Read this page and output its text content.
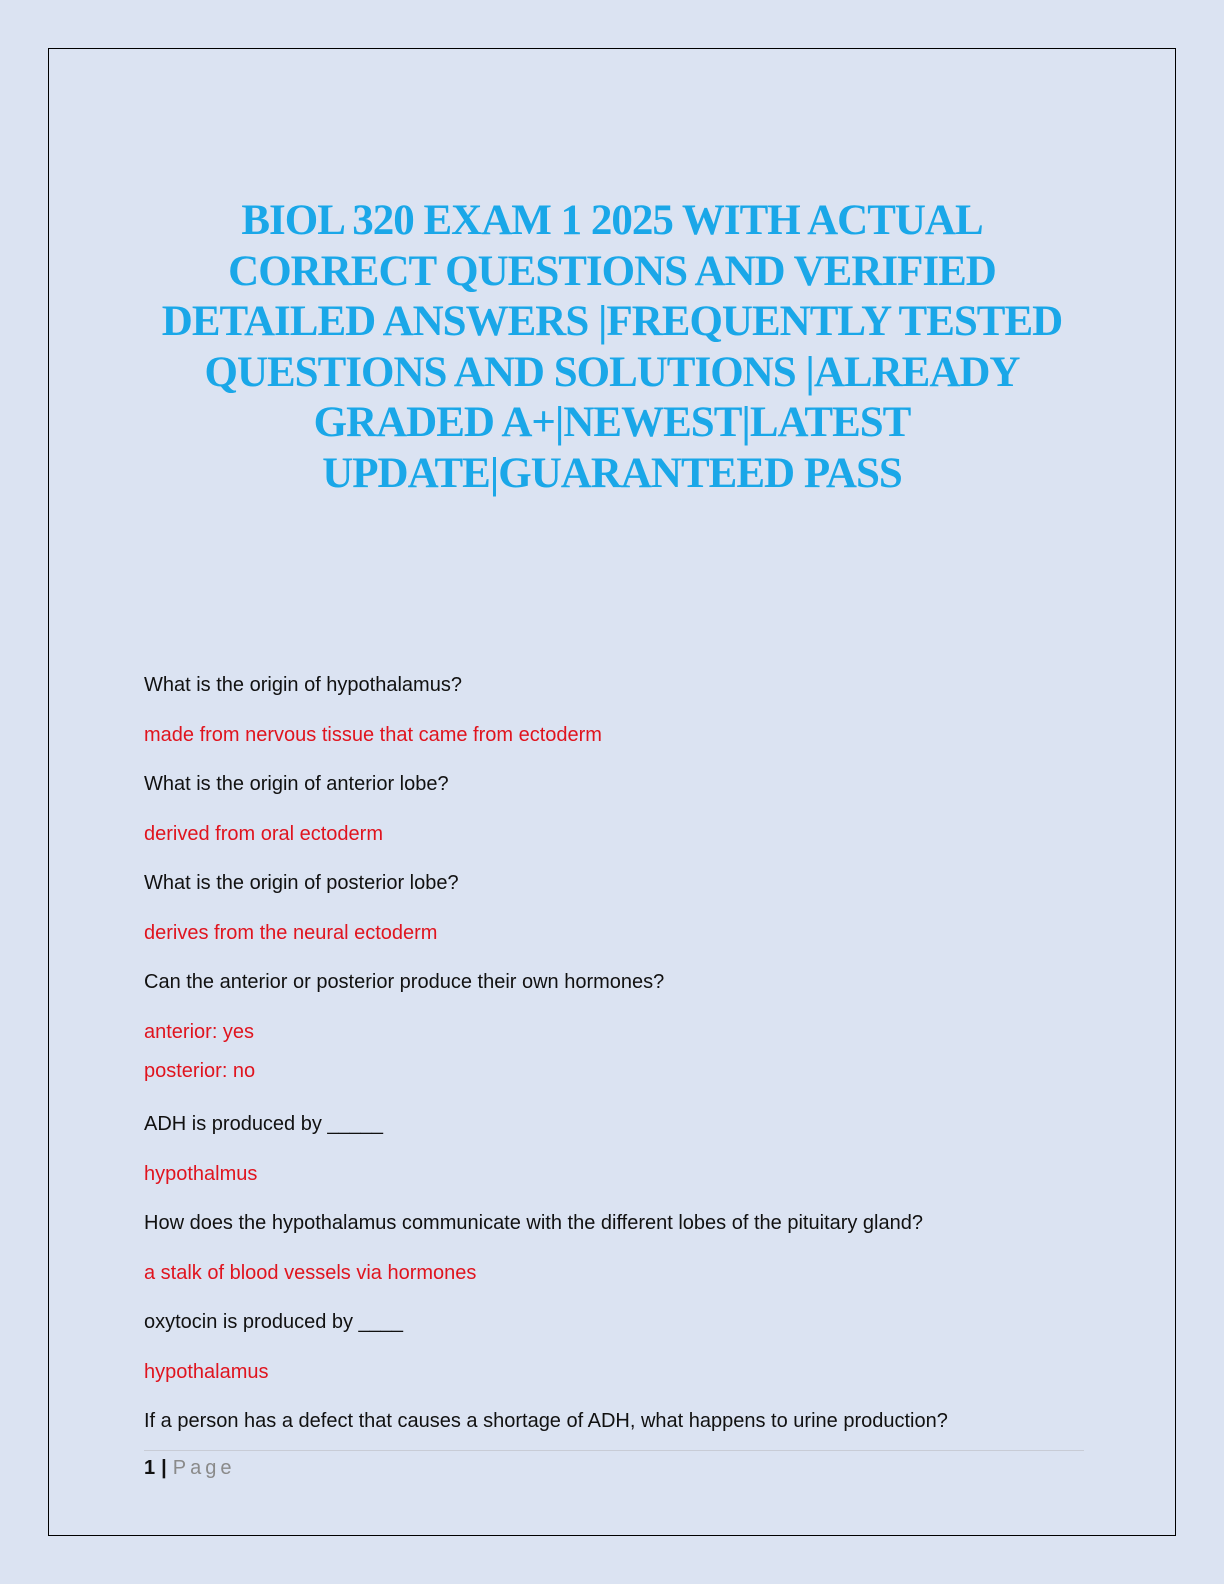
BIOL 320 EXAM 1 2025 WITH ACTUAL
CORRECT QUESTIONS AND VERIFIED
DETAILED ANSWERS |FREQUENTLY TESTED
QUESTIONS AND SOLUTIONS |ALREADY
GRADED A+|NEWEST|LATEST
UPDATE|GUARANTEED PASS
What is the origin of hypothalamus?
made from nervous tissue that came from ectoderm
What is the origin of anterior lobe?
derived from oral ectoderm
What is the origin of posterior lobe?
derives from the neural ectoderm
Can the anterior or posterior produce their own hormones?
anterior: yes
posterior: no
ADH is produced by _____
hypothalmus
How does the hypothalamus communicate with the different lobes of the pituitary gland?
a stalk of blood vessels via hormones
oxytocin is produced by ____
hypothalamus
If a person has a defect that causes a shortage of ADH, what happens to urine production?
1 | Page
